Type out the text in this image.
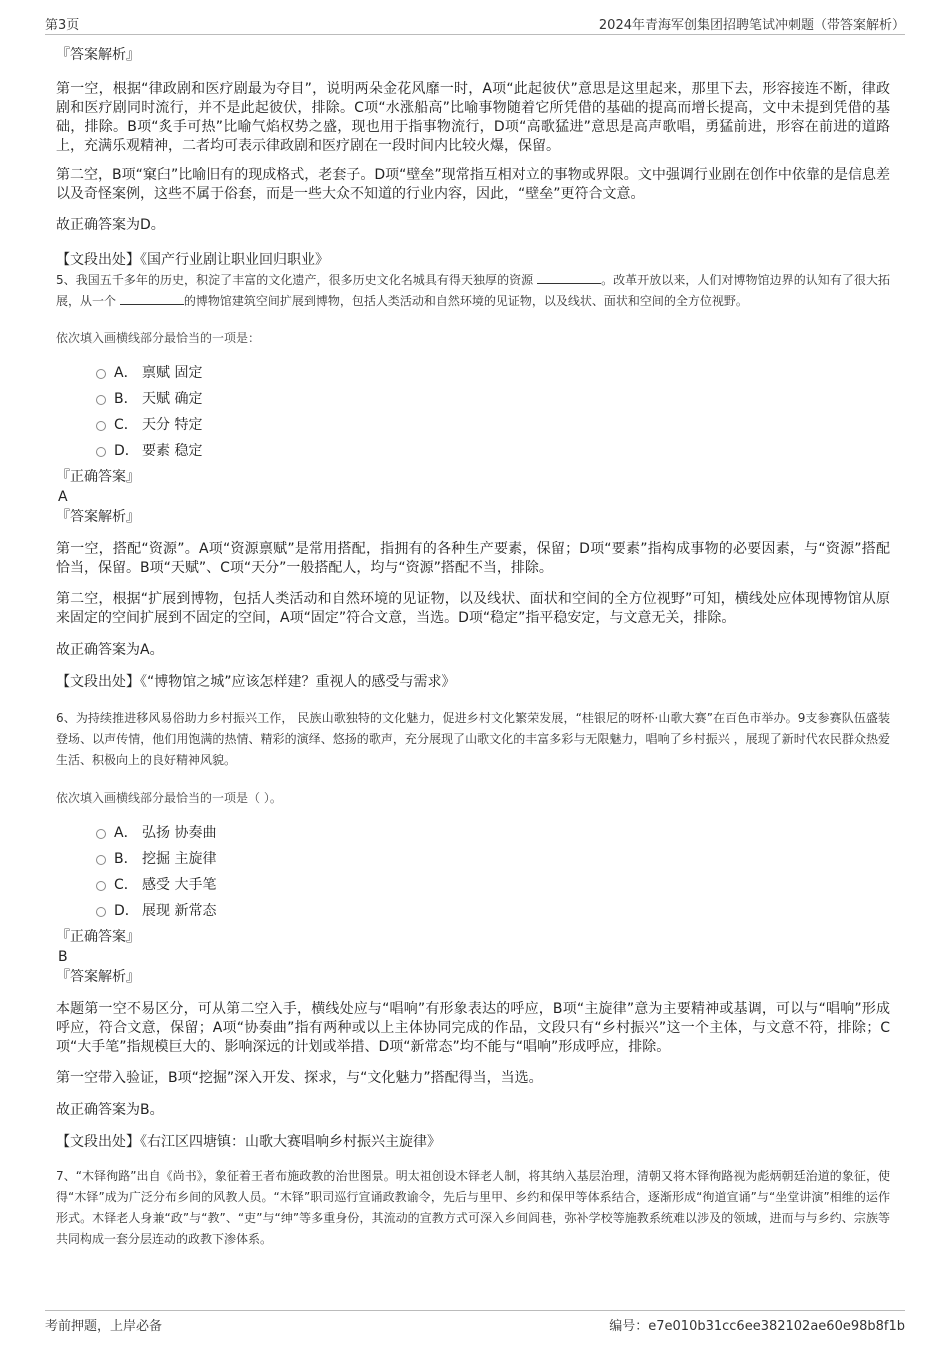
第3页	2024年青海军创集团招聘笔试冲刺题（带答案解析）

『答案解析』

第一空，根据“律政剧和医疗剧最为夺目”，说明两朵金花风靡一时，A项“此起彼伏”意思是这里起来，那里下去，形容接连不断，律政剧和医疗剧同时流行，并不是此起彼伏，排除。C项“水涨船高”比喻事物随着它所凭借的基础的提高而增长提高，文中未提到凭借的基础，排除。B项“炙手可热”比喻气焰权势之盛，现也用于指事物流行，D项“高歌猛进”意思是高声歌唱，勇猛前进，形容在前进的道路上，充满乐观精神，二者均可表示律政剧和医疗剧在一段时间内比较火爆，保留。

第二空，B项“窠臼”比喻旧有的现成格式，老套子。D项“壁垒”现常指互相对立的事物或界限。文中强调行业剧在创作中依靠的是信息差以及奇怪案例，这些不属于俗套，而是一些大众不知道的行业内容，因此，“壁垒”更符合文意。

故正确答案为D。

【文段出处】《国产行业剧让职业回归职业》

5、我国五千多年的历史，积淀了丰富的文化遗产，很多历史文化名城具有得天独厚的资源	。改革开放以来，人们对博物馆边界的认知有了很大拓展，从一个	的博物馆建筑空间扩展到博物，包括人类活动和自然环境的见证物，以及线状、面状和空间的全方位视野。

依次填入画横线部分最恰当的一项是：

A． 禀赋 固定
B． 天赋 确定
C． 天分 特定
D． 要素 稳定

『正确答案』

A

『答案解析』

第一空，搭配“资源”。A项“资源禀赋”是常用搭配，指拥有的各种生产要素，保留；D项“要素”指构成事物的必要因素，与“资源”搭配恰当，保留。B项“天赋”、C项“天分”一般搭配人，均与“资源”搭配不当，排除。

第二空，根据“扩展到博物，包括人类活动和自然环境的见证物，以及线状、面状和空间的全方位视野”可知，横线处应体现博物馆从原来固定的空间扩展到不固定的空间，A项“固定”符合文意，当选。D项“稳定”指平稳安定，与文意无关，排除。

故正确答案为A。

【文段出处】《“博物馆之城”应该怎样建？重视人的感受与需求》

6、为持续推进移风易俗助力乡村振兴工作， 民族山歌独特的文化魅力，促进乡村文化繁荣发展，“桂银尼的呀杯·山歌大赛”在百色市举办。9支参赛队伍盛装登场、以声传情，他们用饱满的热情、精彩的演绎、悠扬的歌声，充分展现了山歌文化的丰富多彩与无限魅力，唱响了乡村振兴 ，展现了新时代农民群众热爱生活、积极向上的良好精神风貌。

依次填入画横线部分最恰当的一项是（ ）。

A． 弘扬 协奏曲
B． 挖掘 主旋律
C． 感受 大手笔
D． 展现 新常态

『正确答案』

B

『答案解析』

本题第一空不易区分，可从第二空入手，横线处应与“唱响”有形象表达的呼应，B项“主旋律”意为主要精神或基调，可以与“唱响”形成呼应，符合文意，保留；A项“协奏曲”指有两种或以上主体协同完成的作品，文段只有“乡村振兴”这一个主体，与文意不符，排除；C项“大手笔”指规模巨大的、影响深远的计划或举措、D项“新常态”均不能与“唱响”形成呼应，排除。

第一空带入验证，B项“挖掘”深入开发、探求，与“文化魅力”搭配得当，当选。

故正确答案为B。

【文段出处】《右江区四塘镇：山歌大赛唱响乡村振兴主旋律》

7、“木铎徇路”出自《尚书》，象征着王者布施政教的治世图景。明太祖创设木铎老人制，将其纳入基层治理，清朝又将木铎徇路视为彪炳朝廷治道的象征，使得“木铎”成为广泛分布乡间的风教人员。“木铎”职司巡行宣诵政教谕令，先后与里甲、乡约和保甲等体系结合，逐渐形成“徇道宣诵”与“坐堂讲演”相维的运作形式。木铎老人身兼“政”与“教”、“吏”与“绅”等多重身份，其流动的宣教方式可深入乡间闾巷，弥补学校等施教系统难以涉及的领域，进而与与乡约、宗族等共同构成一套分层连动的政教下渗体系。

考前押题，上岸必备	编号：e7e010b31cc6ee382102ae60e98b8f1b
